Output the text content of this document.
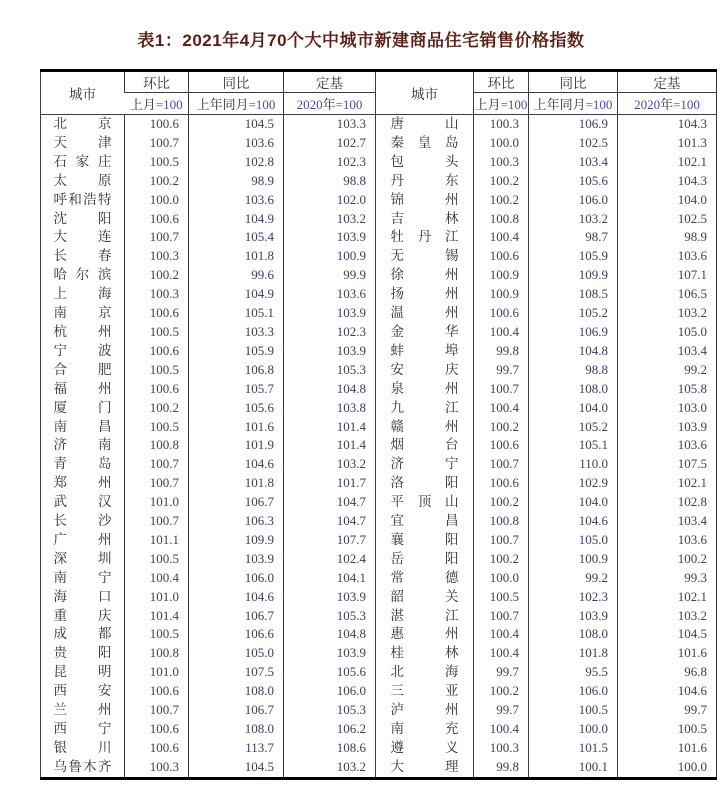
表1：2021年4月70个大中城市新建商品住宅销售价格指数
城市	环比	同比	定基	城市	环比	同比	定基
	上月=100	上年同月=100	2020年=100		上月=100	上年同月=100	2020年=100

北京	100.6	104.5	103.3	唐山	100.3	106.9	104.3

天津	100.7	103.6	102.7	秦皇岛	100.0	102.5	101.3

石家庄	100.5	102.8	102.3	包头	100.3	103.4	102.1

太原	100.2	98.9	98.8	丹东	100.2	105.6	104.3

呼和浩特	100.0	103.6	102.0	锦州	100.2	106.0	104.0

沈阳	100.6	104.9	103.2	吉林	100.8	103.2	102.5

大连	100.7	105.4	103.9	牡丹江	100.4	98.7	98.9

长春	100.3	101.8	100.9	无锡	100.6	105.9	103.6

哈尔滨	100.2	99.6	99.9	徐州	100.9	109.9	107.1

上海	100.3	104.9	103.6	扬州	100.9	108.5	106.5

南京	100.6	105.1	103.9	温州	100.6	105.2	103.2

杭州	100.5	103.3	102.3	金华	100.4	106.9	105.0

宁波	100.6	105.9	103.9	蚌埠	99.8	104.8	103.4

合肥	100.5	106.8	105.3	安庆	99.7	98.8	99.2

福州	100.6	105.7	104.8	泉州	100.7	108.0	105.8

厦门	100.2	105.6	103.8	九江	100.4	104.0	103.0

南昌	100.5	101.6	101.4	赣州	100.2	105.2	103.9

济南	100.8	101.9	101.4	烟台	100.6	105.1	103.6

青岛	100.7	104.6	103.2	济宁	100.7	110.0	107.5

郑州	100.7	101.8	101.7	洛阳	100.6	102.9	102.1

武汉	101.0	106.7	104.7	平顶山	100.2	104.0	102.8

长沙	100.7	106.3	104.7	宜昌	100.8	104.6	103.4

广州	101.1	109.9	107.7	襄阳	100.7	105.0	103.6

深圳	100.5	103.9	102.4	岳阳	100.2	100.9	100.2

南宁	100.4	106.0	104.1	常德	100.0	99.2	99.3

海口	101.0	104.6	103.9	韶关	100.5	102.3	102.1

重庆	101.4	106.7	105.3	湛江	100.7	103.9	103.2

成都	100.5	106.6	104.8	惠州	100.4	108.0	104.5

贵阳	100.8	105.0	103.9	桂林	100.4	101.8	101.6

昆明	101.0	107.5	105.6	北海	99.7	95.5	96.8

西安	100.6	108.0	106.0	三亚	100.2	106.0	104.6

兰州	100.7	106.7	105.3	泸州	99.7	100.5	99.7

西宁	100.6	108.0	106.2	南充	100.4	100.0	100.5

银川	100.6	113.7	108.6	遵义	100.3	101.5	101.6

乌鲁木齐	100.3	104.5	103.2	大理	99.8	100.1	100.0
